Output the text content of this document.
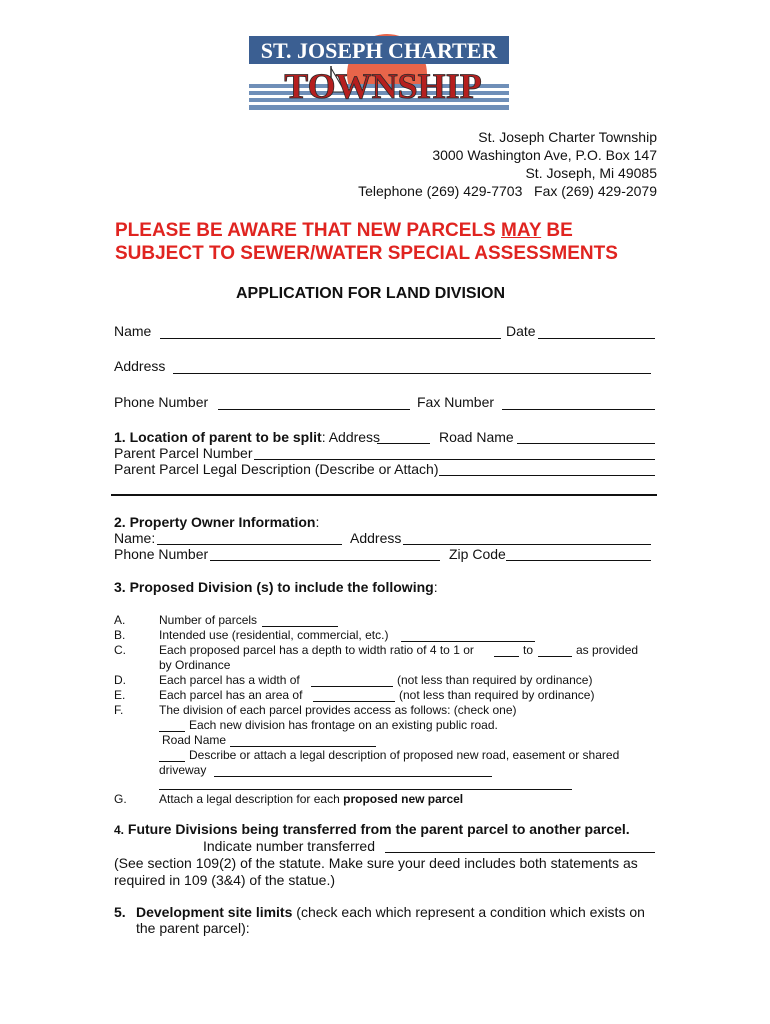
ST. JOSEPH CHARTER
TOWNSHIP
St. Joseph Charter Township
3000 Washington Ave, P.O. Box 147
St. Joseph, Mi 49085
Telephone (269) 429-7703   Fax (269) 429-2079
PLEASE BE AWARE THAT NEW PARCELS MAY BE
SUBJECT TO SEWER/WATER SPECIAL ASSESSMENTS
APPLICATION FOR LAND DIVISION
Name	Date
Address
Phone Number	Fax Number
1. Location of parent to be split: Address	Road Name
Parent Parcel Number
Parent Parcel Legal Description (Describe or Attach)
2. Property Owner Information:
Name:	Address
Phone Number	Zip Code
3. Proposed Division (s) to include the following:
A.	Number of parcels
B.	Intended use (residential, commercial, etc.)
C.	Each proposed parcel has a depth to width ratio of 4 to 1 or	to	as provided
by Ordinance
D.	Each parcel has a width of	(not less than required by ordinance)
E.	Each parcel has an area of	(not less than required by ordinance)
F.	The division of each parcel provides access as follows: (check one)
Each new division has frontage on an existing public road.
Road Name
Describe or attach a legal description of proposed new road, easement or shared
driveway
G.	Attach a legal description for each proposed new parcel
4. Future Divisions being transferred from the parent parcel to another parcel.
Indicate number transferred
(See section 109(2) of the statute. Make sure your deed includes both statements as
required in 109 (3&4) of the statue.)
5. Development site limits (check each which represent a condition which exists on
the parent parcel):
